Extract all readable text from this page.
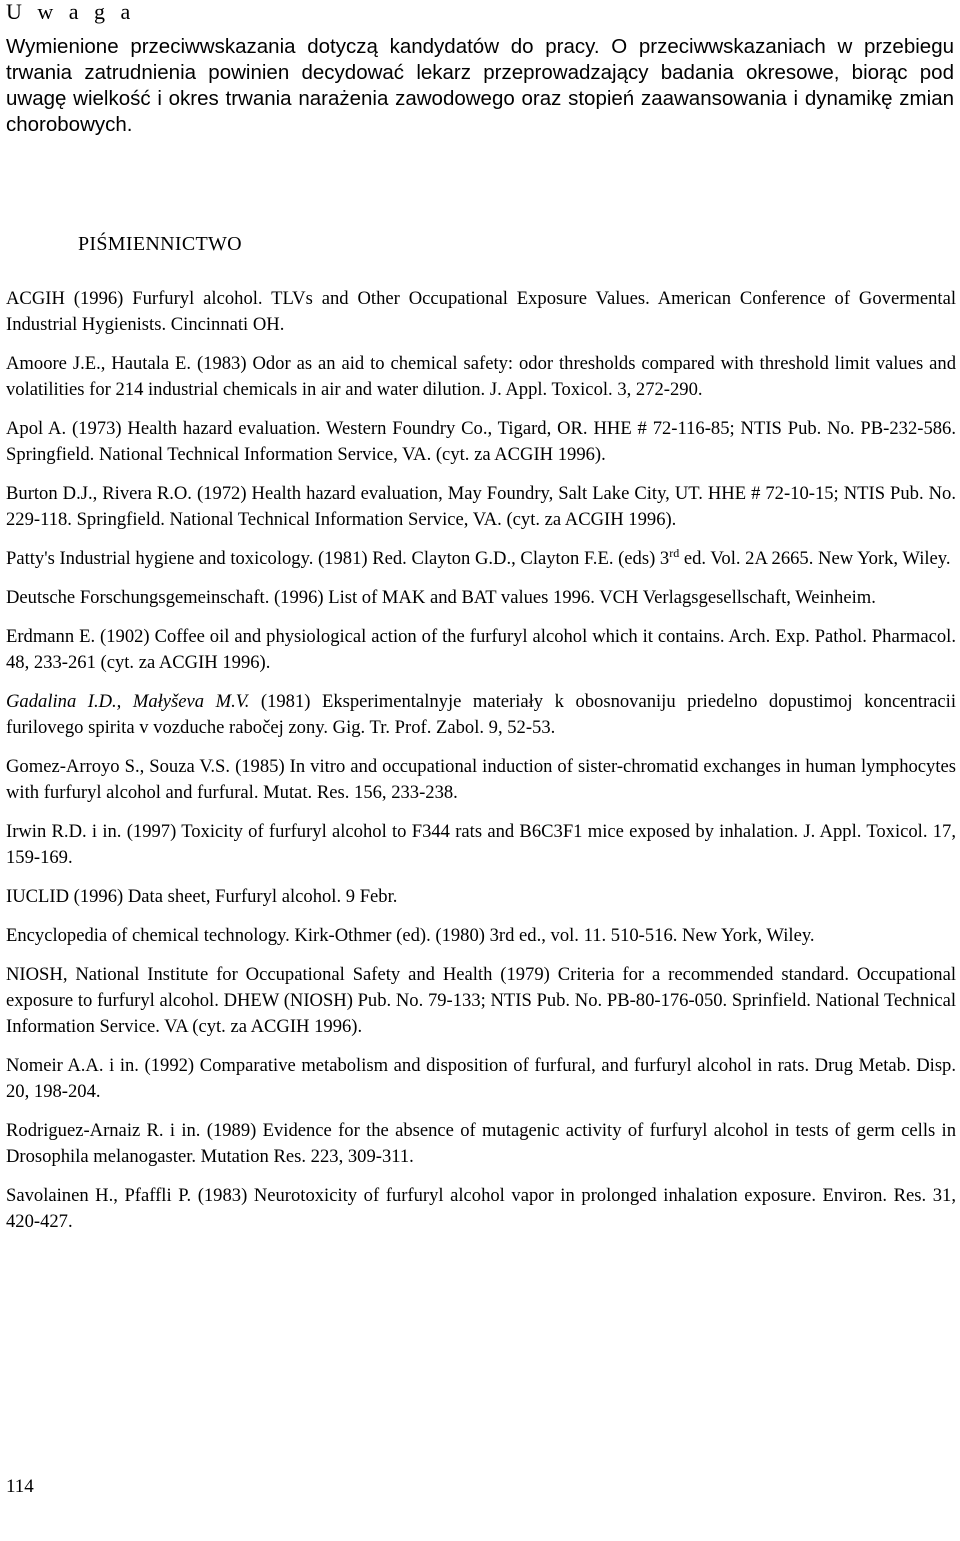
U w a g a

Wymienione przeciwwskazania dotyczą kandydatów do pracy. O przeciwwskazaniach w przebiegu trwania zatrudnienia powinien decydować lekarz przeprowadzający badania okresowe, biorąc pod uwagę wielkość i okres trwania narażenia zawodowego oraz stopień zaawansowania i dynamikę zmian chorobowych.

PIŚMIENNICTWO
ACGIH (1996) Furfuryl alcohol. TLVs and Other Occupational Exposure Values. American Conference of Govermental Industrial Hygienists. Cincinnati OH.
Amoore J.E., Hautala E. (1983) Odor as an aid to chemical safety: odor thresholds compared with threshold limit values and volatilities for 214 industrial chemicals in air and water dilution. J. Appl. Toxicol. 3, 272-290.
Apol A. (1973) Health hazard evaluation. Western Foundry Co., Tigard, OR. HHE # 72-116-85; NTIS Pub. No. PB-232-586. Springfield. National Technical Information Service, VA. (cyt. za ACGIH 1996).
Burton D.J., Rivera R.O. (1972) Health hazard evaluation, May Foundry, Salt Lake City, UT. HHE # 72-10-15; NTIS Pub. No. 229-118. Springfield. National Technical Information Service, VA. (cyt. za ACGIH 1996).
Patty's Industrial hygiene and toxicology. (1981) Red. Clayton G.D., Clayton F.E. (eds) 3rd ed. Vol. 2A 2665. New York, Wiley.
Deutsche Forschungsgemeinschaft. (1996) List of MAK and BAT values 1996. VCH Verlagsgesellschaft, Weinheim.
Erdmann E. (1902) Coffee oil and physiological action of the furfuryl alcohol which it contains. Arch. Exp. Pathol. Pharmacol. 48, 233-261 (cyt. za ACGIH 1996).
Gadalina I.D., Małyševa M.V. (1981) Eksperimentalnyje materiały k obosnovaniju priedelno dopustimoj koncentracii furilovego spirita v vozduche rabočej zony. Gig. Tr. Prof. Zabol. 9, 52-53.
Gomez-Arroyo S., Souza V.S. (1985) In vitro and occupational induction of sister-chromatid exchanges in human lymphocytes with furfuryl alcohol and furfural. Mutat. Res. 156, 233-238.
Irwin R.D. i in. (1997) Toxicity of furfuryl alcohol to F344 rats and B6C3F1 mice exposed by inhalation. J. Appl. Toxicol. 17, 159-169.
IUCLID (1996) Data sheet, Furfuryl alcohol. 9 Febr.
Encyclopedia of chemical technology. Kirk-Othmer (ed). (1980) 3rd ed., vol. 11. 510-516. New York, Wiley.
NIOSH, National Institute for Occupational Safety and Health (1979) Criteria for a recommended standard. Occupational exposure to furfuryl alcohol. DHEW (NIOSH) Pub. No. 79-133; NTIS Pub. No. PB-80-176-050. Sprinfield. National Technical Information Service. VA (cyt. za ACGIH 1996).
Nomeir A.A. i in. (1992) Comparative metabolism and disposition of furfural, and furfuryl alcohol in rats. Drug Metab. Disp. 20, 198-204.
Rodriguez-Arnaiz R. i in. (1989) Evidence for the absence of mutagenic activity of furfuryl alcohol in tests of germ cells in Drosophila melanogaster. Mutation Res. 223, 309-311.
Savolainen H., Pfaffli P. (1983) Neurotoxicity of furfuryl alcohol vapor in prolonged inhalation exposure. Environ. Res. 31, 420-427.
114
